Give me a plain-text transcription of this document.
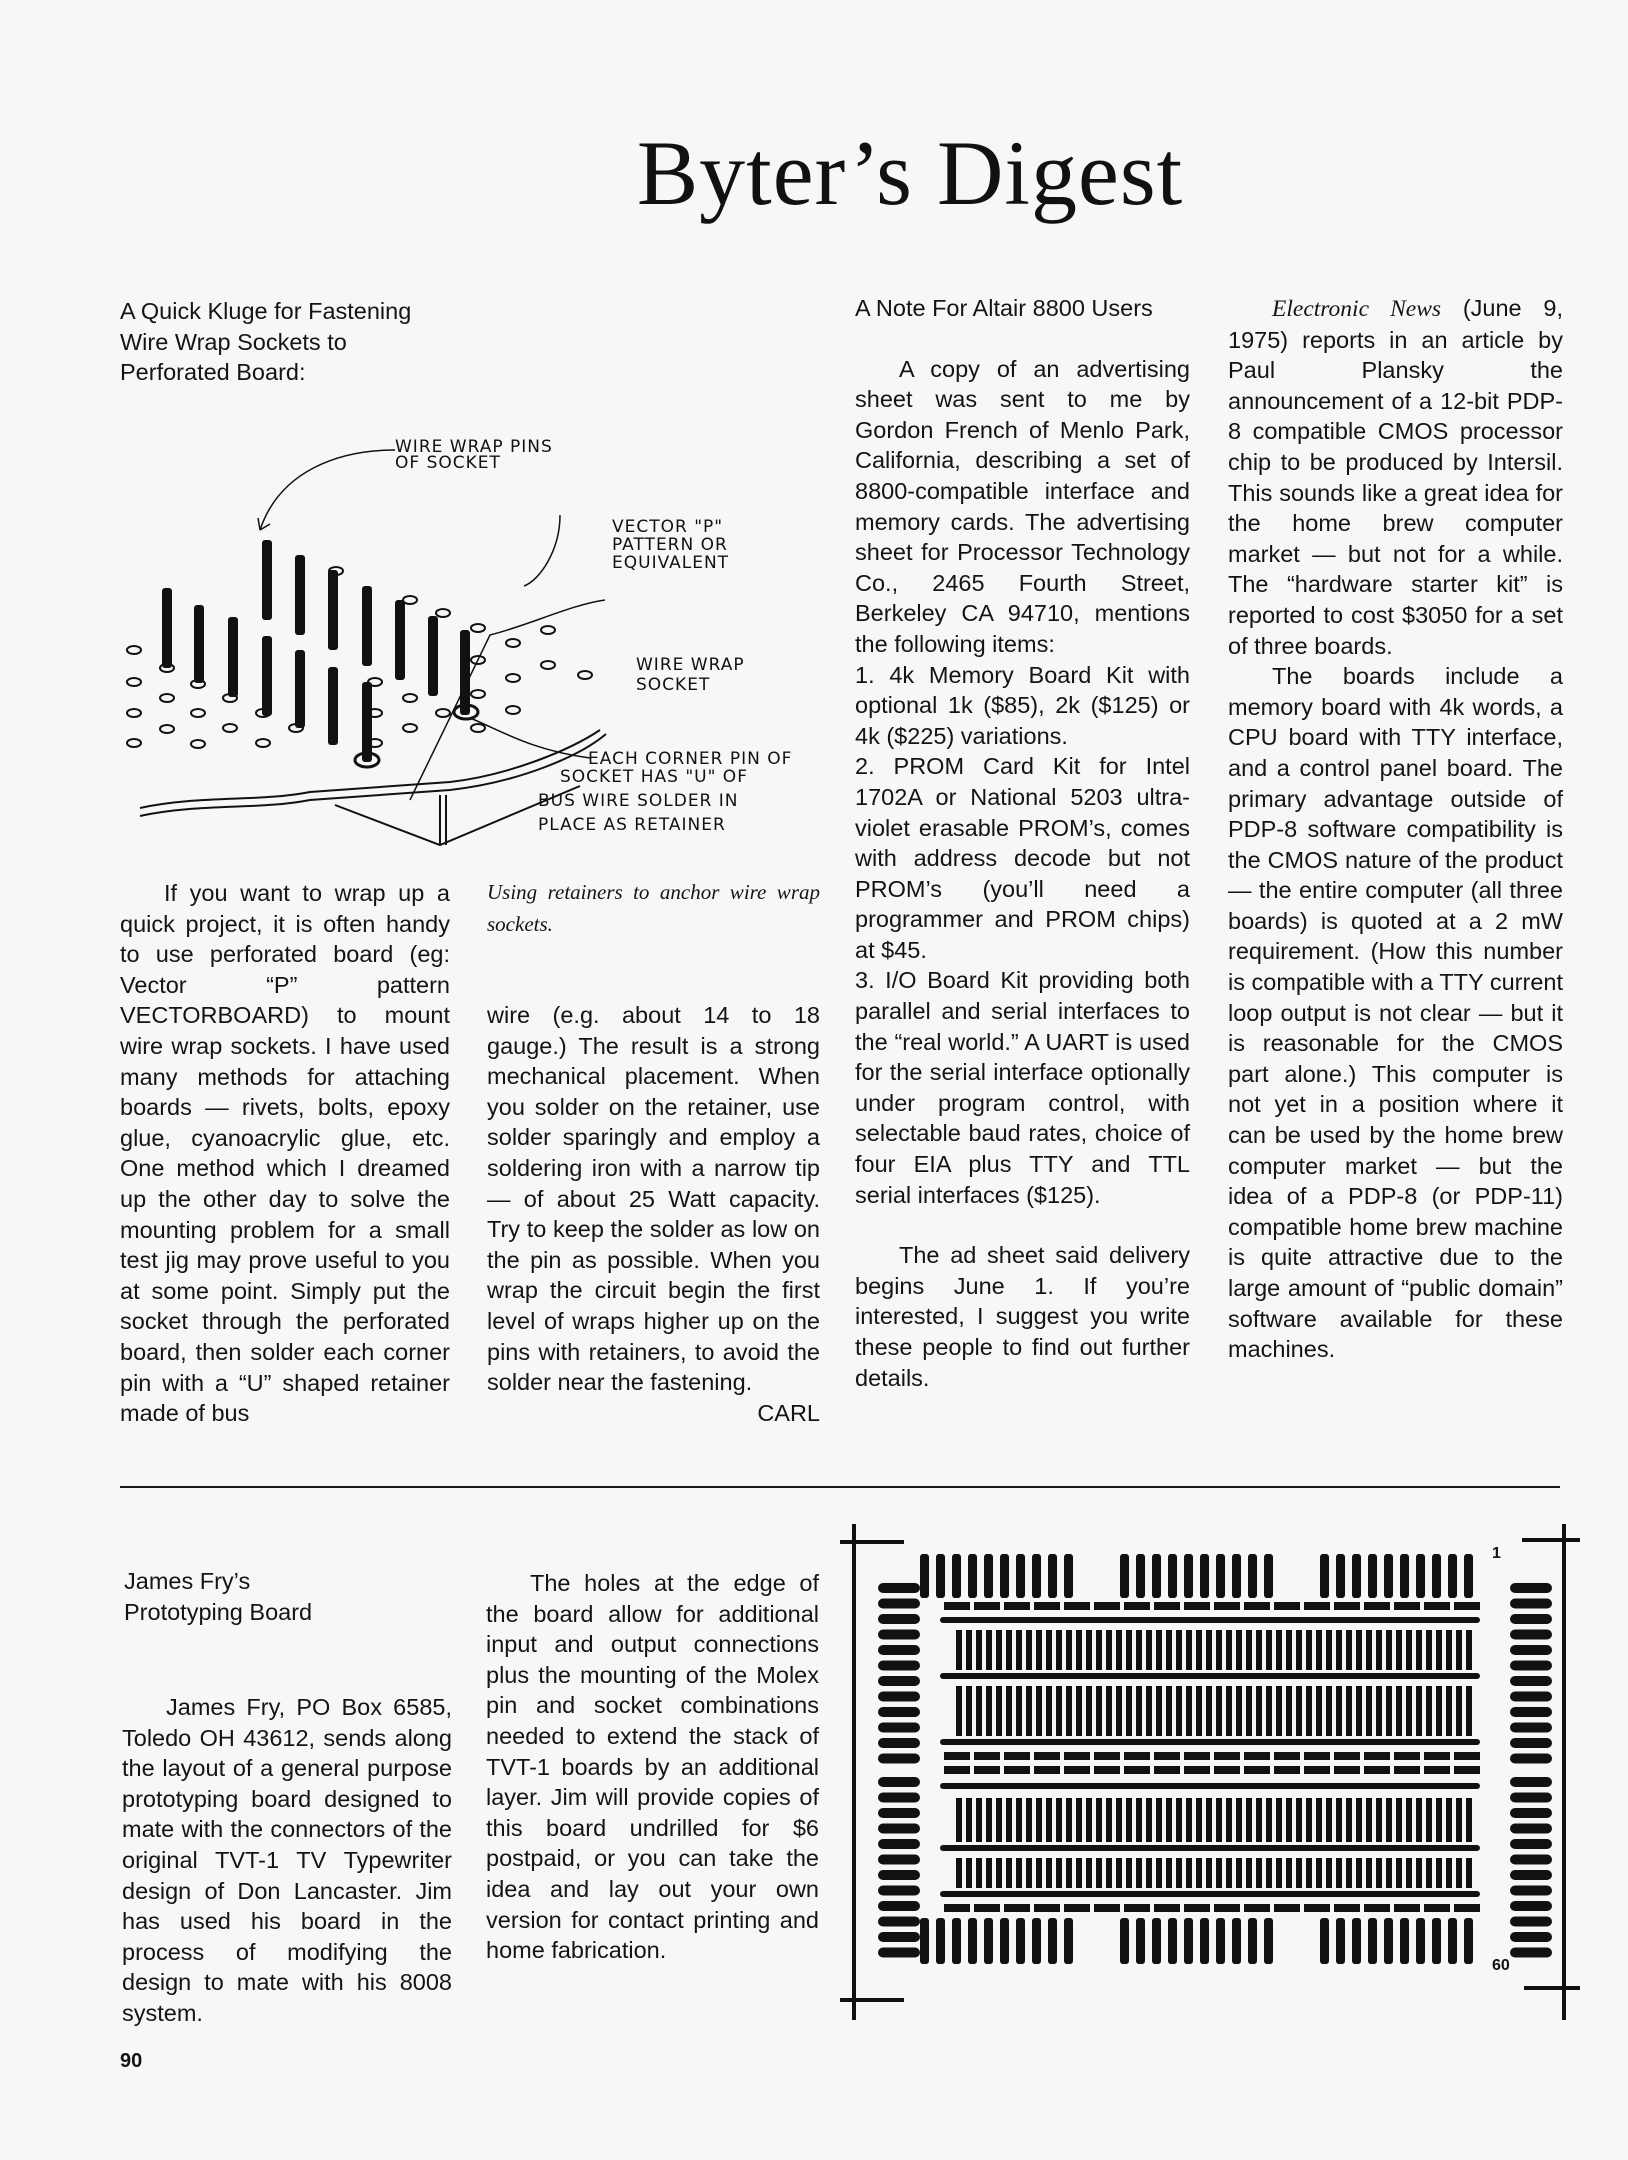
Byter’s Digest
A Quick Kluge for Fastening Wire Wrap Sockets to Perforated Board:
WIRE WRAP PINS
OF SOCKET
VECTOR "P"
PATTERN OR
EQUIVALENT
WIRE WRAP
SOCKET
EACH CORNER PIN OF
SOCKET HAS "U" OF
BUS WIRE SOLDER IN
PLACE AS RETAINER

If you want to wrap up a quick project, it is often handy to use perforated board (eg: Vector “P” pattern VECTORBOARD) to mount wire wrap sockets. I have used many methods for attaching boards — rivets, bolts, epoxy glue, cyanoacrylic glue, etc. One method which I dreamed up the other day to solve the mounting problem for a small test jig may prove useful to you at some point. Simply put the socket through the perforated board, then solder each corner pin with a “U” shaped retainer made of bus

Using retainers to anchor wire wrap sockets.

wire (e.g. about 14 to 18 gauge.) The result is a strong mechanical placement. When you solder on the retainer, use solder sparingly and employ a soldering iron with a narrow tip — of about 25 Watt capacity. Try to keep the solder as low on the pin as possible. When you wrap the circuit begin the first level of wraps higher up on the pins with retainers, to avoid the solder near the fastening.

CARL

A Note For Altair 8800 Users

A copy of an advertising sheet was sent to me by Gordon French of Menlo Park, California, describing a set of 8800-compatible interface and memory cards. The advertising sheet for Processor Technology Co., 2465 Fourth Street, Berkeley CA 94710, mentions the following items:

1. 4k Memory Board Kit with optional 1k ($85), 2k ($125) or 4k ($225) variations.

2. PROM Card Kit for Intel 1702A or National 5203 ultra-violet erasable PROM’s, comes with address decode but not PROM’s (you’ll need a programmer and PROM chips) at $45.

3. I/O Board Kit providing both parallel and serial interfaces to the “real world.” A UART is used for the serial interface optionally under program control, with selectable baud rates, choice of four EIA plus TTY and TTL serial interfaces ($125).

The ad sheet said delivery begins June 1. If you’re interested, I suggest you write these people to find out further details.

Electronic News (June 9, 1975) reports in an article by Paul Plansky the announcement of a 12-bit PDP-8 compatible CMOS processor chip to be produced by Intersil. This sounds like a great idea for the home brew computer market — but not for a while. The “hardware starter kit” is reported to cost $3050 for a set of three boards.

The boards include a memory board with 4k words, a CPU board with TTY interface, and a control panel board. The primary advantage outside of PDP-8 software compatibility is the CMOS nature of the product — the entire computer (all three boards) is quoted at a 2 mW requirement. (How this number is compatible with a TTY current loop output is not clear — but it is reasonable for the CMOS part alone.) This computer is not yet in a position where it can be used by the home brew computer market — but the idea of a PDP-8 (or PDP-11) compatible home brew machine is quite attractive due to the large amount of “public domain” software available for these machines.

James Fry’s
Prototyping Board

James Fry, PO Box 6585, Toledo OH 43612, sends along the layout of a general purpose prototyping board designed to mate with the connectors of the original TVT-1 TV Typewriter design of Don Lancaster. Jim has used his board in the process of modifying the design to mate with his 8008 system.

The holes at the edge of the board allow for additional input and output connections plus the mounting of the Molex pin and socket combinations needed to extend the stack of TVT-1 boards by an additional layer. Jim will provide copies of this board undrilled for $6 postpaid, or you can take the idea and lay out your own version for contact printing and home fabrication.

1
60
90
